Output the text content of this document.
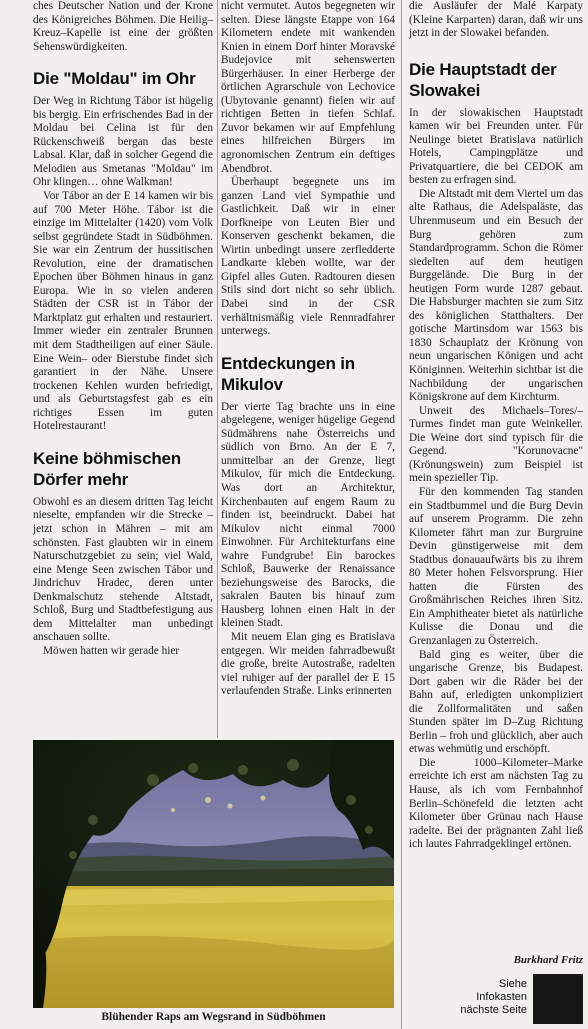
ches Deutscher Nation und der Krone des Königreiches Böhmen. Die Heilig–Kreuz–Kapelle ist eine der größten Sehenswürdigkeiten.

Die "Moldau" im Ohr

Der Weg in Richtung Tábor ist hügelig bis bergig. Ein erfrischendes Bad in der Moldau bei Celina ist für den Rückenschweiß bergan das beste Labsal. Klar, daß in solcher Gegend die Melodien aus Smetanas "Moldau" im Ohr klingen… ohne Walkman!

Vor Tábor an der E 14 kamen wir bis auf 700 Meter Höhe. Tábor ist die einzige im Mittelalter (1420) vom Volk selbst gegründete Stadt in Südböhmen. Sie war ein Zentrum der hussitischen Revolution, eine der dramatischen Epochen über Böhmen hinaus in ganz Europa. Wie in so vielen anderen Städten der CSR ist in Tábor der Marktplatz gut erhalten und restauriert. Immer wieder ein zentraler Brunnen mit dem Stadtheiligen auf einer Säule. Eine Wein– oder Bierstube findet sich garantiert in der Nähe. Unsere trockenen Kehlen wurden befriedigt, und als Geburtstagsfest gab es ein richtiges Essen im guten Hotelrestaurant!

Keine böhmischen Dörfer mehr

Obwohl es an diesem dritten Tag leicht nieselte, empfanden wir die Strecke – jetzt schon in Mähren – mit am schönsten. Fast glaubten wir in einem Naturschutzgebiet zu sein; viel Wald, eine Menge Seen zwischen Tábor und Jindrichuv Hradec, deren unter Denkmalschutz stehende Altstadt, Schloß, Burg und Stadtbefestigung aus dem Mittelalter man unbedingt anschauen sollte.

Möwen hatten wir gerade hier

nicht vermutet. Autos begegneten wir selten. Diese längste Etappe von 164 Kilometern endete mit wankenden Knien in einem Dorf hinter Moravské Budejovice mit sehenswerten Bürgerhäuser. In einer Herberge der örtlichen Agrarschule von Lechovice (Ubytovanie genannt) fielen wir auf richtigen Betten in tiefen Schlaf. Zuvor bekamen wir auf Empfehlung eines hilfreichen Bürgers im agronomischen Zentrum ein deftiges Abendbrot.

Überhaupt begegnete uns im ganzen Land viel Sympathie und Gastlichkeit. Daß wir in einer Dorfkneipe von Leuten Bier und Konserven geschenkt bekamen, die Wirtin unbedingt unsere zerfledderte Landkarte kleben wollte, war der Gipfel alles Guten. Radtouren diesen Stils sind dort nicht so sehr üblich. Dabei sind in der CSR verhältnismäßig viele Rennradfahrer unterwegs.

Entdeckungen in Mikulov

Der vierte Tag brachte uns in eine abgelegene, weniger hügelige Gegend Südmährens nahe Österreichs und südlich von Brno. An der E 7, unmittelbar an der Grenze, liegt Mikulov, für mich die Entdeckung. Was dort an Architektur, Kirchenbauten auf engem Raum zu finden ist, beeindruckt. Dabei hat Mikulov nicht einmal 7000 Einwohner. Für Architekturfans eine wahre Fundgrube! Ein barockes Schloß, Bauwerke der Renaissance beziehungsweise des Barocks, die sakralen Bauten bis hinauf zum Hausberg lohnen einen Halt in der kleinen Stadt.

Mit neuem Elan ging es Bratislava entgegen. Wir meiden fahrradbewußt die große, breite Autostraße, radelten viel ruhiger auf der parallel der E 15 verlaufenden Straße. Links erinnerten

die Ausläufer der Malé Karpaty (Kleine Karparten) daran, daß wir uns jetzt in der Slowakei befanden.

Die Hauptstadt der Slowakei

In der slowakischen Hauptstadt kamen wir bei Freunden unter. Für Neulinge bietet Bratislava natürlich Hotels, Campingplätze und Privatquartiere, die bei CEDOK am besten zu erfragen sind.

Die Altstadt mit dem Viertel um das alte Rathaus, die Adelspaläste, das Uhrenmuseum und ein Besuch der Burg gehören zum Standardprogramm. Schon die Römer siedelten auf dem heutigen Burggelände. Die Burg in der heutigen Form wurde 1287 gebaut. Die Habsburger machten sie zum Sitz des königlichen Statthalters. Der gotische Martinsdom war 1563 bis 1830 Schauplatz der Krönung von neun ungarischen Königen und acht Königinnen. Weiterhin sichtbar ist die Nachbildung der ungarischen Königskrone auf dem Kirchturm.

Unweit des Michaels–Tores/–Turmes findet man gute Weinkeller. Die Weine dort sind typisch für die Gegend. "Korunovacne" (Krönungswein) zum Beispiel ist mein spezieller Tip.

Für den kommenden Tag standen ein Stadtbummel und die Burg Devin auf unserem Programm. Die zehn Kilometer fährt man zur Burgruine Devin günstigerweise mit dem Stadtbus donauaufwärts bis zu ihrem 80 Meter hohen Felsvorsprung. Hier hatten die Fürsten des Großmährischen Reiches ihren Sitz. Ein Amphitheater bietet als natürliche Kulisse die Donau und die Grenzanlagen zu Österreich.

Bald ging es weiter, über die ungarische Grenze, bis Budapest. Dort gaben wir die Räder bei der Bahn auf, erledigten unkompliziert die Zollformalitäten und saßen Stunden später im D–Zug Richtung Berlin – froh und glücklich, aber auch etwas wehmütig und erschöpft.

Die 1000–Kilometer–Marke erreichte ich erst am nächsten Tag zu Hause, als ich vom Fernbahnhof Berlin–Schönefeld die letzten acht Kilometer über Grünau nach Hause radelte. Bei der prägnanten Zahl ließ ich lautes Fahrradgeklingel ertönen.

Burkhard Fritz
Blühender Raps am Wegsrand in Südböhmen
Siehe
Infokasten
nächste Seite
